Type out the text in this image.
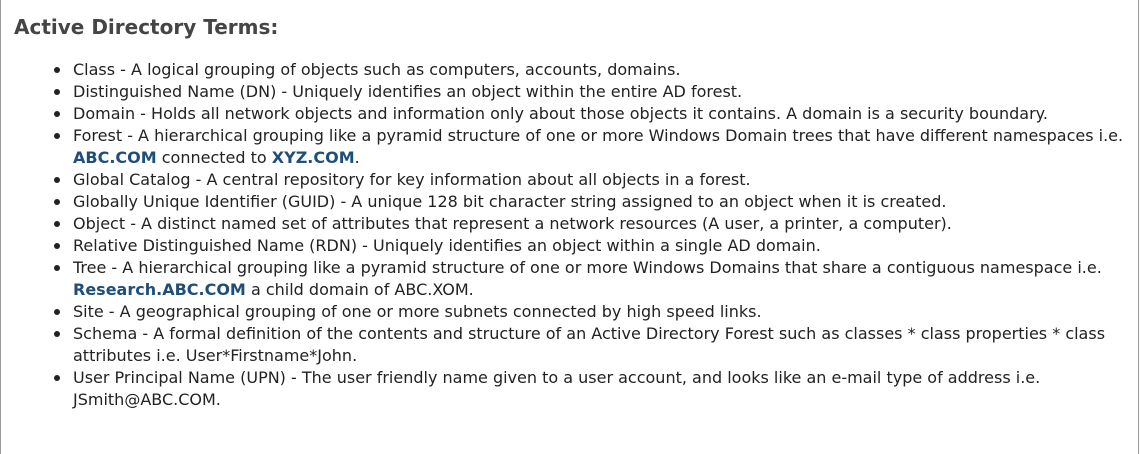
Active Directory Terms:
Class - A logical grouping of objects such as computers, accounts, domains.
Distinguished Name (DN) - Uniquely identifies an object within the entire AD forest.
Domain - Holds all network objects and information only about those objects it contains. A domain is a security boundary.
Forest - A hierarchical grouping like a pyramid structure of one or more Windows Domain trees that have different namespaces i.e. ABC.COM connected to XYZ.COM.
Global Catalog - A central repository for key information about all objects in a forest.
Globally Unique Identifier (GUID) - A unique 128 bit character string assigned to an object when it is created.
Object - A distinct named set of attributes that represent a network resources (A user, a printer, a computer).
Relative Distinguished Name (RDN) - Uniquely identifies an object within a single AD domain.
Tree - A hierarchical grouping like a pyramid structure of one or more Windows Domains that share a contiguous namespace i.e. Research.ABC.COM a child domain of ABC.XOM.
Site - A geographical grouping of one or more subnets connected by high speed links.
Schema - A formal definition of the contents and structure of an Active Directory Forest such as classes * class properties * class attributes i.e. User*Firstname*John.
User Principal Name (UPN) - The user friendly name given to a user account, and looks like an e-mail type of address i.e. JSmith@ABC.COM.
